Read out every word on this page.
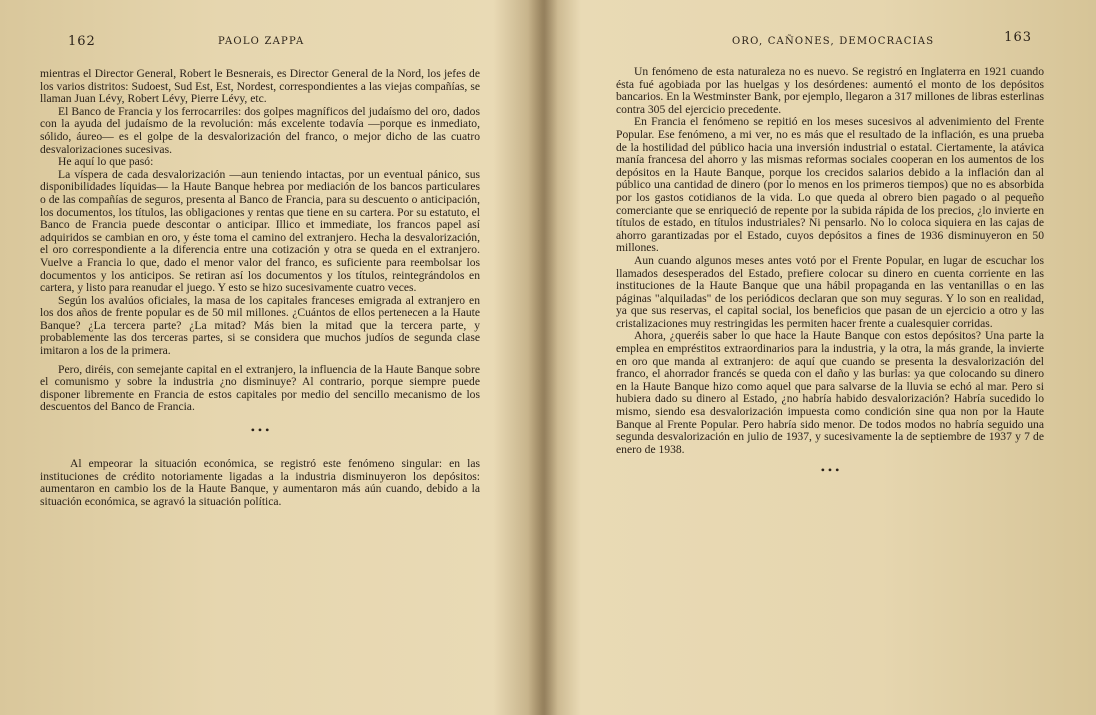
162	PAOLO ZAPPA

mientras el Director General, Robert le Besnerais, es Director General de la Nord, los jefes de los varios distritos: Sudoest, Sud Est, Est, Nordest, correspondientes a las viejas compañías, se llaman Juan Lévy, Robert Lévy, Pierre Lévy, etc.

El Banco de Francia y los ferrocarriles: dos golpes magníficos del judaísmo del oro, dados con la ayuda del judaísmo de la revolución: más excelente todavía —porque es inmediato, sólido, áureo— es el golpe de la desvalorización del franco, o mejor dicho de las cuatro desvalorizaciones sucesivas.

He aquí lo que pasó:

La víspera de cada desvalorización —aun teniendo intactas, por un eventual pánico, sus disponibilidades líquidas— la Haute Banque hebrea por mediación de los bancos particulares o de las compañías de seguros, presenta al Banco de Francia, para su descuento o anticipación, los documentos, los títulos, las obligaciones y rentas que tiene en su cartera. Por su estatuto, el Banco de Francia puede descontar o anticipar. Illico et immediate, los francos papel así adquiridos se cambian en oro, y éste toma el camino del extranjero. Hecha la desvalorización, el oro correspondiente a la diferencia entre una cotización y otra se queda en el extranjero. Vuelve a Francia lo que, dado el menor valor del franco, es suficiente para reembolsar los documentos y los anticipos. Se retiran así los documentos y los títulos, reintegrándolos en cartera, y listo para reanudar el juego. Y esto se hizo sucesivamente cuatro veces.

Según los avalúos oficiales, la masa de los capitales franceses emigrada al extranjero en los dos años de frente popular es de 50 mil millones. ¿Cuántos de ellos pertenecen a la Haute Banque? ¿La tercera parte? ¿La mitad? Más bien la mitad que la tercera parte, y probablemente las dos terceras partes, si se considera que muchos judíos de segunda clase imitaron a los de la primera.

Pero, diréis, con semejante capital en el extranjero, la influencia de la Haute Banque sobre el comunismo y sobre la industria ¿no disminuye? Al contrario, porque siempre puede disponer libremente en Francia de estos capitales por medio del sencillo mecanismo de los descuentos del Banco de Francia.

• • •

Al empeorar la situación económica, se registró este fenómeno singular: en las instituciones de crédito notoriamente ligadas a la industria disminuyeron los depósitos: aumentaron en cambio los de la Haute Banque, y aumentaron más aún cuando, debido a la situación económica, se agravó la situación política.

ORO, CAÑONES, DEMOCRACIAS	163

Un fenómeno de esta naturaleza no es nuevo. Se registró en Inglaterra en 1921 cuando ésta fué agobiada por las huelgas y los desórdenes: aumentó el monto de los depósitos bancarios. En la Westminster Bank, por ejemplo, llegaron a 317 millones de libras esterlinas contra 305 del ejercicio precedente.

En Francia el fenómeno se repitió en los meses sucesivos al advenimiento del Frente Popular. Ese fenómeno, a mi ver, no es más que el resultado de la inflación, es una prueba de la hostilidad del público hacia una inversión industrial o estatal. Ciertamente, la atávica manía francesa del ahorro y las mismas reformas sociales cooperan en los aumentos de los depósitos en la Haute Banque, porque los crecidos salarios debido a la inflación dan al público una cantidad de dinero (por lo menos en los primeros tiempos) que no es absorbida por los gastos cotidianos de la vida. Lo que queda al obrero bien pagado o al pequeño comerciante que se enriqueció de repente por la subida rápida de los precios, ¿lo invierte en títulos de estado, en títulos industriales? Ni pensarlo. No lo coloca siquiera en las cajas de ahorro garantizadas por el Estado, cuyos depósitos a fines de 1936 disminuyeron en 50 millones.

Aun cuando algunos meses antes votó por el Frente Popular, en lugar de escuchar los llamados desesperados del Estado, prefiere colocar su dinero en cuenta corriente en las instituciones de la Haute Banque que una hábil propaganda en las ventanillas o en las páginas "alquiladas" de los periódicos declaran que son muy seguras. Y lo son en realidad, ya que sus reservas, el capital social, los beneficios que pasan de un ejercicio a otro y las cristalizaciones muy restringidas les permiten hacer frente a cualesquier corridas.

Ahora, ¿queréis saber lo que hace la Haute Banque con estos depósitos? Una parte la emplea en empréstitos extraordinarios para la industria, y la otra, la más grande, la invierte en oro que manda al extranjero: de aquí que cuando se presenta la desvalorización del franco, el ahorrador francés se queda con el daño y las burlas: ya que colocando su dinero en la Haute Banque hizo como aquel que para salvarse de la lluvia se echó al mar. Pero si hubiera dado su dinero al Estado, ¿no habría habido desvalorización? Habría sucedido lo mismo, siendo esa desvalorización impuesta como condición sine qua non por la Haute Banque al Frente Popular. Pero habría sido menor. De todos modos no habría seguido una segunda desvalorización en julio de 1937, y sucesivamente la de septiembre de 1937 y 7 de enero de 1938.

• • •
